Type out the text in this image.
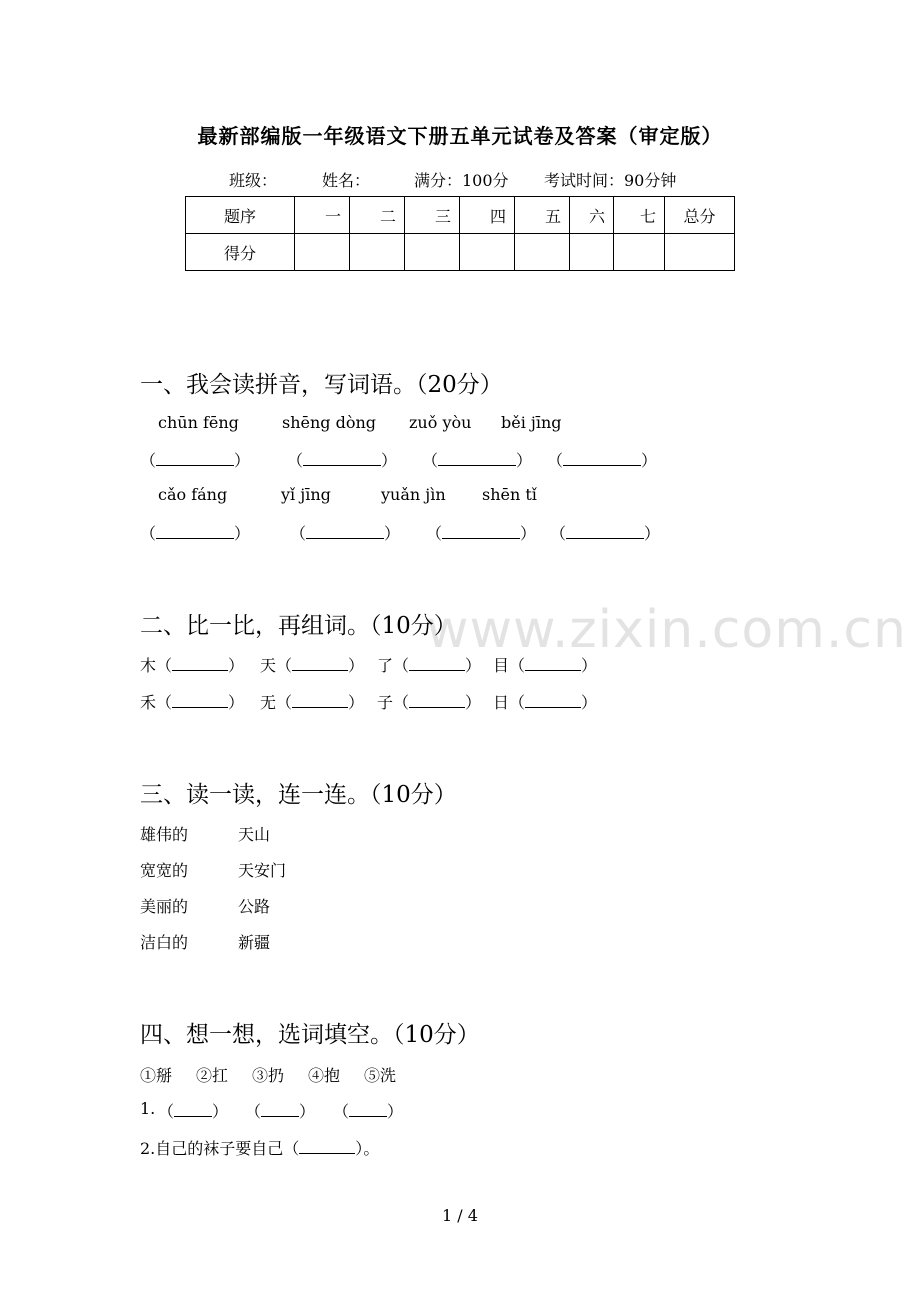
最新部编版一年级语文下册五单元试卷及答案（审定版）
班级：	姓名：	满分：100分 考试时间：90分钟
题序	一	二	三	四	五	六	七	总分
得分								
一、我会读拼音，写词语。（20分）
chūn fēng	shēng dòng zuǒ yòu běi jīng
（	） （	） （	） （	）
cǎo fáng	yǐ jīng	yuǎn jìn shēn tǐ
（	） （	） （	） （	）
www.zixin.com.cn
二、比一比，再组词。（10分）
木（	） 天（	） 了（	） 目（	）
禾（	） 无（	） 子（	） 日（	）
三、读一读，连一连。（10分）
雄伟的	天山
宽宽的	天安门
美丽的	公路
洁白的	新疆
四、想一想，选词填空。（10分）
①掰 ②扛 ③扔 ④抱 ⑤洗
1. （ ） （ ） （ ）
2.自己的袜子要自己（	）。
1 / 4
